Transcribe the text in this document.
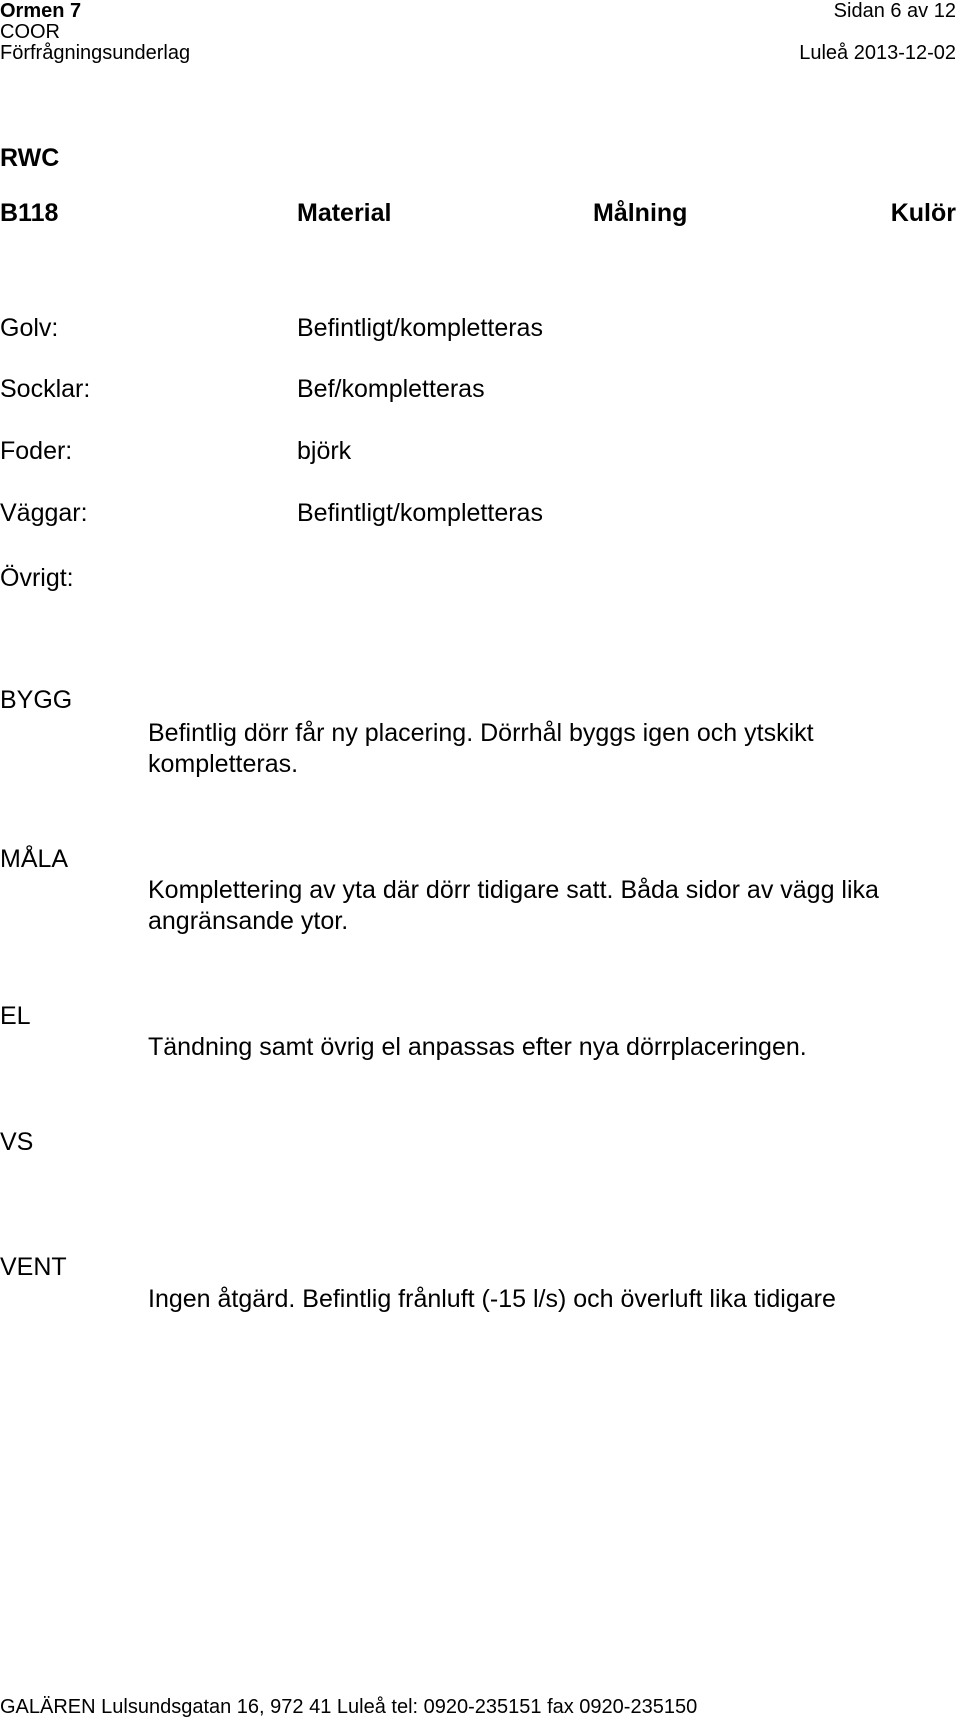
Ormen 7	Sidan 6 av 12
COOR
Förfrågningsunderlag	Luleå 2013-12-02
RWC
B118	Material	Målning	Kulör
Golv:	Befintligt/kompletteras
Socklar:	Bef/kompletteras
Foder:	björk
Väggar:	Befintligt/kompletteras
Övrigt:
BYGG
Befintlig dörr får ny placering. Dörrhål byggs igen och ytskikt kompletteras.
MÅLA
Komplettering av yta där dörr tidigare satt. Båda sidor av vägg lika angränsande ytor.
EL
Tändning samt övrig el anpassas efter nya dörrplaceringen.
VS
VENT
Ingen åtgärd. Befintlig frånluft (-15 l/s) och överluft lika tidigare
GALÄREN Lulsundsgatan 16, 972 41 Luleå tel: 0920-235151 fax 0920-235150
